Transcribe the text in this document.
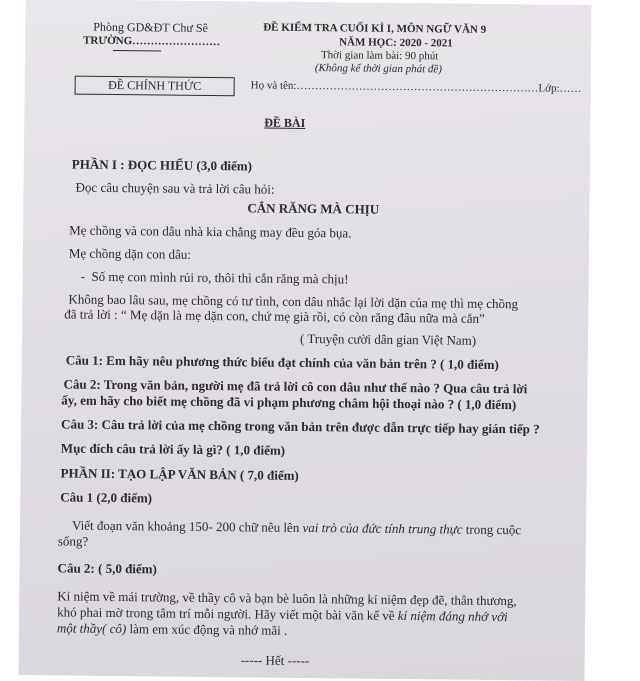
Phòng GD&ĐT Chư Sê
TRƯỜNG……………………
ĐỀ KIỂM TRA CUỐI KÌ I, MÔN NGỮ VĂN 9
NĂM HỌC: 2020 - 2021
Thời gian làm bài: 90 phút
(Không kể thời gian phát đề)
ĐỀ CHÍNH THỨC	Họ và tên:…………………………………………………………Lớp:……
ĐỀ BÀI
PHẦN I : ĐỌC HIỂU (3,0 điểm)
Đọc câu chuyện sau và trả lời câu hỏi:
CẮN RĂNG MÀ CHỊU
Mẹ chồng và con dâu nhà kia chẳng may đều góa bụa.
Mẹ chồng dặn con dâu:
-  Số mẹ con mình rủi ro, thôi thì cắn răng mà chịu!
Không bao lâu sau, mẹ chồng có tư tình, con dâu nhắc lại lời dặn của mẹ thì mẹ chồng
đã trả lời : “ Mẹ dặn là mẹ dặn con, chứ mẹ già rồi, có còn răng đâu nữa mà cắn”
( Truyện cười dân gian Việt Nam)
Câu 1: Em hãy nêu phương thức biểu đạt chính của văn bản trên ? ( 1,0 điểm)
Câu 2: Trong văn bản, người mẹ đã trả lời cô con dâu như thế nào ? Qua câu trả lời
ấy, em hãy cho biết mẹ chồng đã vi phạm phương châm hội thoại nào ? ( 1,0 điểm)
Câu 3: Câu trả lời của mẹ chồng trong văn bản trên được dẫn trực tiếp hay gián tiếp ?
Mục đích câu trả lời ấy là gì? ( 1,0 điểm)
PHẦN II: TẠO LẬP VĂN BẢN ( 7,0 điểm)
Câu 1 (2,0 điểm)
Viết đoạn văn khoảng 150- 200 chữ nêu lên vai trò của đức tính trung thực trong cuộc
sống?
Câu 2: ( 5,0 điểm)
Kỉ niệm về mái trường, về thầy cô và bạn bè luôn là những kỉ niệm đẹp đẽ, thân thương,
khó phai mờ trong tâm trí mỗi người. Hãy viết một bài văn kể về kỉ niệm đáng nhớ với
một thầy( cô) làm em xúc động và nhớ mãi .
----- Hết -----
